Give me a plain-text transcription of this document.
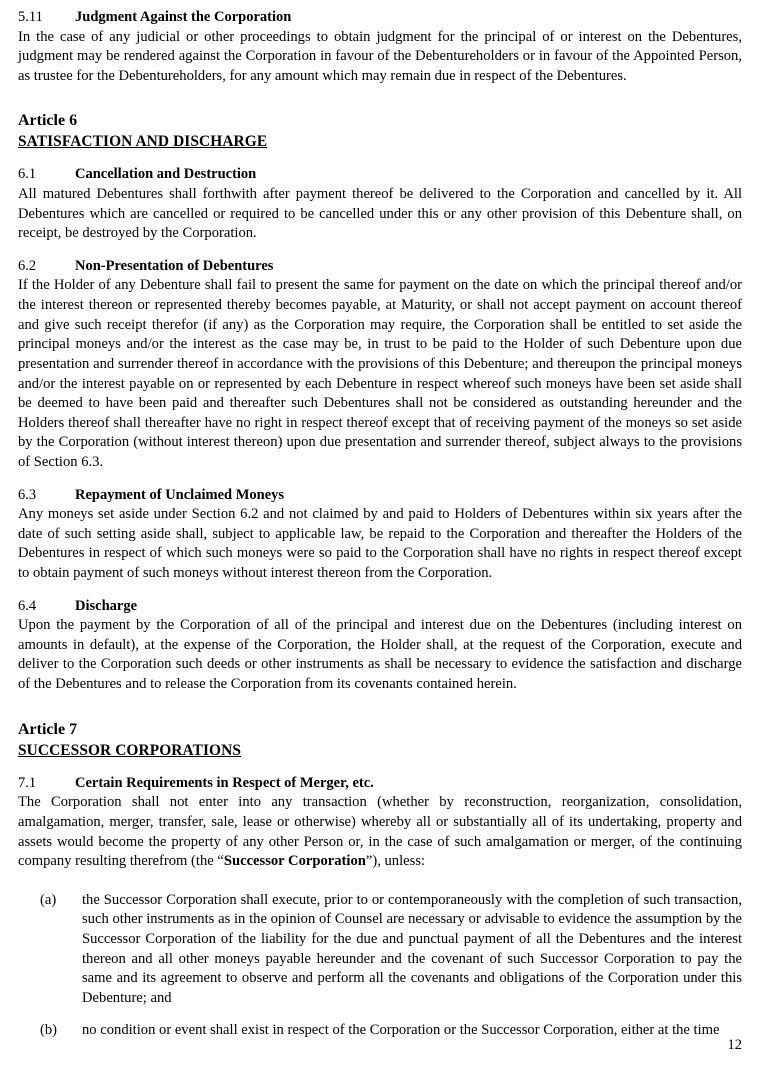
5.11 Judgment Against the Corporation

In the case of any judicial or other proceedings to obtain judgment for the principal of or interest on the Debentures, judgment may be rendered against the Corporation in favour of the Debentureholders or in favour of the Appointed Person, as trustee for the Debentureholders, for any amount which may remain due in respect of the Debentures.

Article 6
SATISFACTION AND DISCHARGE
6.1	Cancellation and Destruction

All matured Debentures shall forthwith after payment thereof be delivered to the Corporation and cancelled by it. All Debentures which are cancelled or required to be cancelled under this or any other provision of this Debenture shall, on receipt, be destroyed by the Corporation.

6.2	Non-Presentation of Debentures

If the Holder of any Debenture shall fail to present the same for payment on the date on which the principal thereof and/or the interest thereon or represented thereby becomes payable, at Maturity, or shall not accept payment on account thereof and give such receipt therefor (if any) as the Corporation may require, the Corporation shall be entitled to set aside the principal moneys and/or the interest as the case may be, in trust to be paid to the Holder of such Debenture upon due presentation and surrender thereof in accordance with the provisions of this Debenture; and thereupon the principal moneys and/or the interest payable on or represented by each Debenture in respect whereof such moneys have been set aside shall be deemed to have been paid and thereafter such Debentures shall not be considered as outstanding hereunder and the Holders thereof shall thereafter have no right in respect thereof except that of receiving payment of the moneys so set aside by the Corporation (without interest thereon) upon due presentation and surrender thereof, subject always to the provisions of Section 6.3.

6.3	Repayment of Unclaimed Moneys

Any moneys set aside under Section 6.2 and not claimed by and paid to Holders of Debentures within six years after the date of such setting aside shall, subject to applicable law, be repaid to the Corporation and thereafter the Holders of the Debentures in respect of which such moneys were so paid to the Corporation shall have no rights in respect thereof except to obtain payment of such moneys without interest thereon from the Corporation.

6.4	Discharge

Upon the payment by the Corporation of all of the principal and interest due on the Debentures (including interest on amounts in default), at the expense of the Corporation, the Holder shall, at the request of the Corporation, execute and deliver to the Corporation such deeds or other instruments as shall be necessary to evidence the satisfaction and discharge of the Debentures and to release the Corporation from its covenants contained herein.

Article 7
SUCCESSOR CORPORATIONS
7.1	Certain Requirements in Respect of Merger, etc.

The Corporation shall not enter into any transaction (whether by reconstruction, reorganization, consolidation, amalgamation, merger, transfer, sale, lease or otherwise) whereby all or substantially all of its undertaking, property and assets would become the property of any other Person or, in the case of such amalgamation or merger, of the continuing company resulting therefrom (the “Successor Corporation”), unless:

(a)	the Successor Corporation shall execute, prior to or contemporaneously with the completion of such transaction, such other instruments as in the opinion of Counsel are necessary or advisable to evidence the assumption by the Successor Corporation of the liability for the due and punctual payment of all the Debentures and the interest thereon and all other moneys payable hereunder and the covenant of such Successor Corporation to pay the same and its agreement to observe and perform all the covenants and obligations of the Corporation under this Debenture; and
(b)	no condition or event shall exist in respect of the Corporation or the Successor Corporation, either at the time
12
